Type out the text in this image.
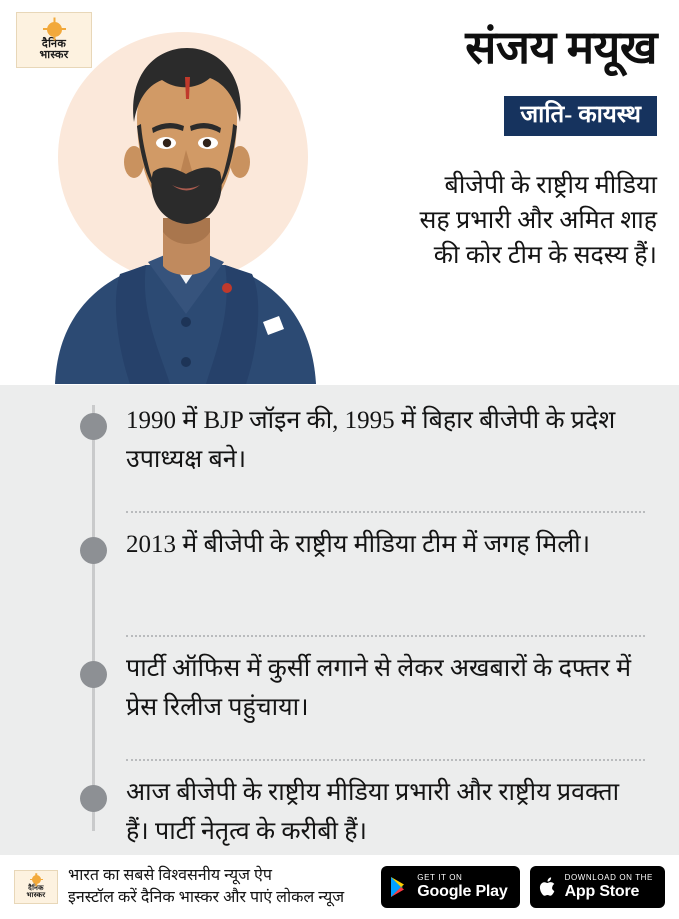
दैनिक
भास्कर	संजय मयूख
जाति- कायस्थ
बीजेपी के राष्ट्रीय मीडिया सह प्रभारी और अमित शाह की कोर टीम के सदस्य हैं।
1990 में BJP जॉइन की, 1995 में बिहार बीजेपी के प्रदेश उपाध्यक्ष बने।
2013 में बीजेपी के राष्ट्रीय मीडिया टीम में जगह मिली।
पार्टी ऑफिस में कुर्सी लगाने से लेकर अखबारों के दफ्तर में प्रेस रिलीज पहुंचाया।
आज बीजेपी के राष्ट्रीय मीडिया प्रभारी और राष्ट्रीय प्रवक्ता हैं। पार्टी नेतृत्व के करीबी हैं।
दैनिक
भास्कर
भारत का सबसे विश्वसनीय न्यूज ऐप
इनस्टॉल करें दैनिक भास्कर और पाएं लोकल न्यूज
GET IT ON
Google Play
DOWNLOAD ON THE
App Store
